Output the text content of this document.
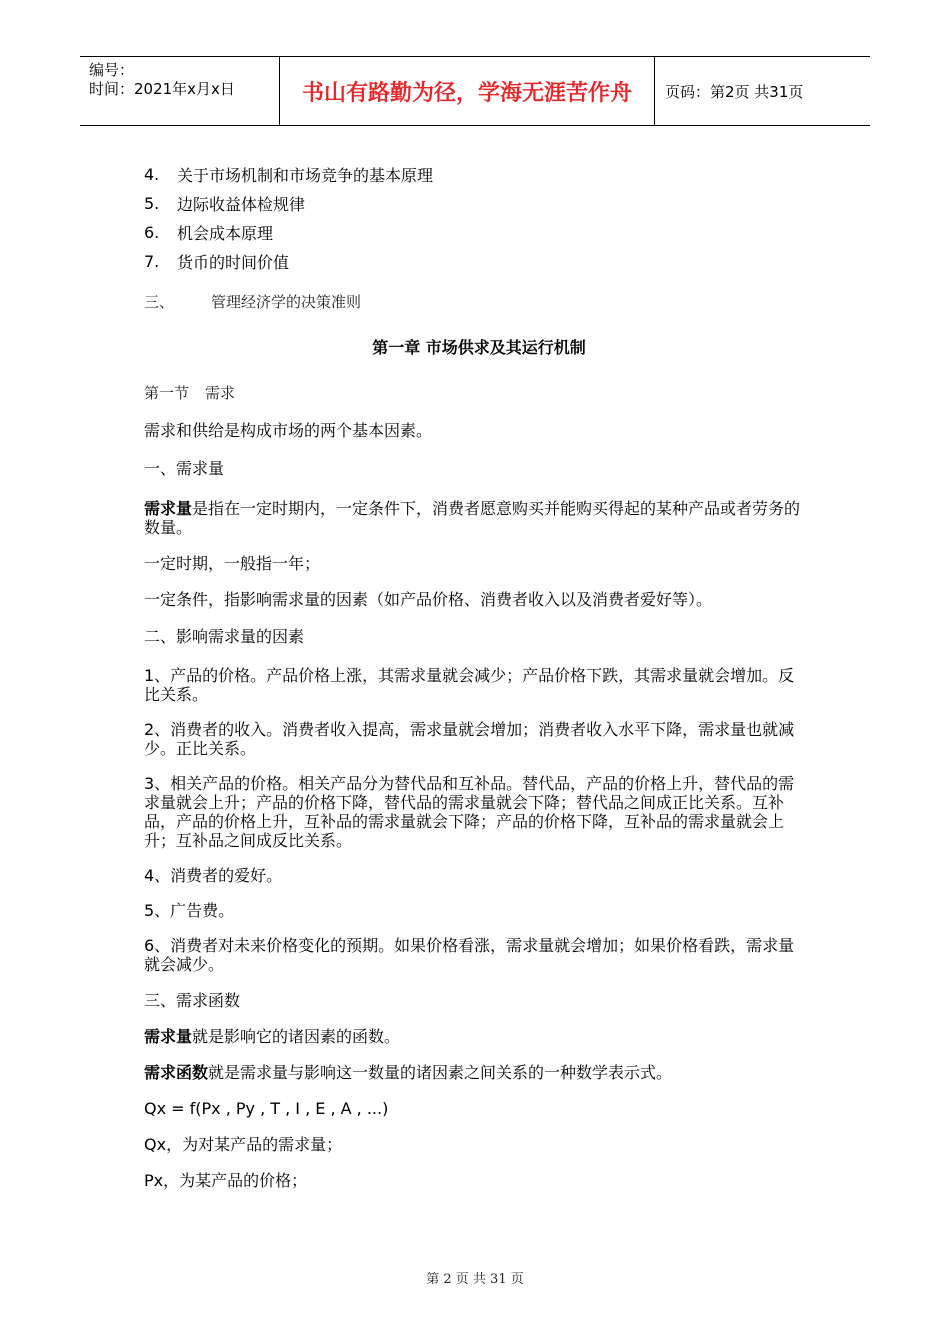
编号：
时间：2021年x月x日	书山有路勤为径，学海无涯苦作舟	页码：第2页 共31页
4.	关于市场机制和市场竞争的基本原理
5.	边际收益体检规律
6.	机会成本原理
7.	货币的时间价值
三、	管理经济学的决策准则
第一章 市场供求及其运行机制
第一节 需求

需求和供给是构成市场的两个基本因素。

一、需求量

需求量是指在一定时期内，一定条件下，消费者愿意购买并能购买得起的某种产品或者劳务的数量。

一定时期，一般指一年；

一定条件，指影响需求量的因素（如产品价格、消费者收入以及消费者爱好等）。

二、影响需求量的因素

1、产品的价格。产品价格上涨，其需求量就会减少；产品价格下跌，其需求量就会增加。反比关系。

2、消费者的收入。消费者收入提高，需求量就会增加；消费者收入水平下降，需求量也就减少。正比关系。

3、相关产品的价格。相关产品分为替代品和互补品。替代品，产品的价格上升，替代品的需求量就会上升；产品的价格下降，替代品的需求量就会下降；替代品之间成正比关系。互补品，产品的价格上升，互补品的需求量就会下降；产品的价格下降，互补品的需求量就会上升；互补品之间成反比关系。

4、消费者的爱好。

5、广告费。

6、消费者对未来价格变化的预期。如果价格看涨，需求量就会增加；如果价格看跌，需求量就会减少。

三、需求函数

需求量就是影响它的诸因素的函数。

需求函数就是需求量与影响这一数量的诸因素之间关系的一种数学表示式。

Qx = f(Px , Py , T , I , E , A , ...)

Qx，为对某产品的需求量；

Px，为某产品的价格；

第 2 页 共 31 页
